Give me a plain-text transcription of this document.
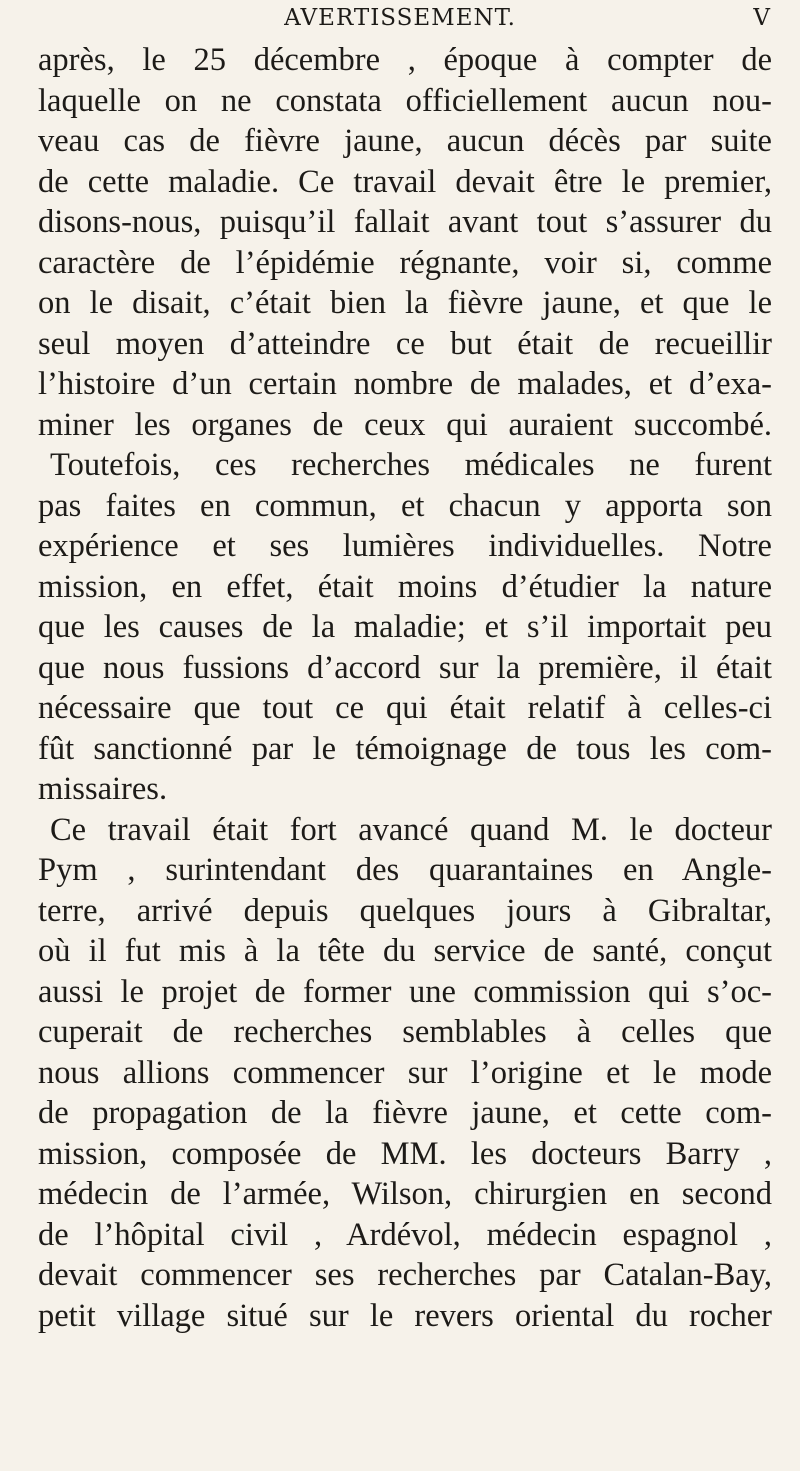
AVERTISSEMENT.	V
après, le 25 décembre , époque à compter de
laquelle on ne constata officiellement aucun nou-
veau cas de fièvre jaune, aucun décès par suite
de cette maladie. Ce travail devait être le premier,
disons-nous, puisqu’il fallait avant tout s’assurer du
caractère de l’épidémie régnante, voir si, comme
on le disait, c’était bien la fièvre jaune, et que le
seul moyen d’atteindre ce but était de recueillir
l’histoire d’un certain nombre de malades, et d’exa-
miner les organes de ceux qui auraient succombé.
Toutefois, ces recherches médicales ne furent
pas faites en commun, et chacun y apporta son
expérience et ses lumières individuelles. Notre
mission, en effet, était moins d’étudier la nature
que les causes de la maladie; et s’il importait peu
que nous fussions d’accord sur la première, il était
nécessaire que tout ce qui était relatif à celles-ci
fût sanctionné par le témoignage de tous les com-
missaires.
Ce travail était fort avancé quand M. le docteur
Pym , surintendant des quarantaines en Angle-
terre, arrivé depuis quelques jours à Gibraltar,
où il fut mis à la tête du service de santé, conçut
aussi le projet de former une commission qui s’oc-
cuperait de recherches semblables à celles que
nous allions commencer sur l’origine et le mode
de propagation de la fièvre jaune, et cette com-
mission, composée de MM. les docteurs Barry ,
médecin de l’armée, Wilson, chirurgien en second
de l’hôpital civil , Ardévol, médecin espagnol ,
devait commencer ses recherches par Catalan-Bay,
petit village situé sur le revers oriental du rocher
